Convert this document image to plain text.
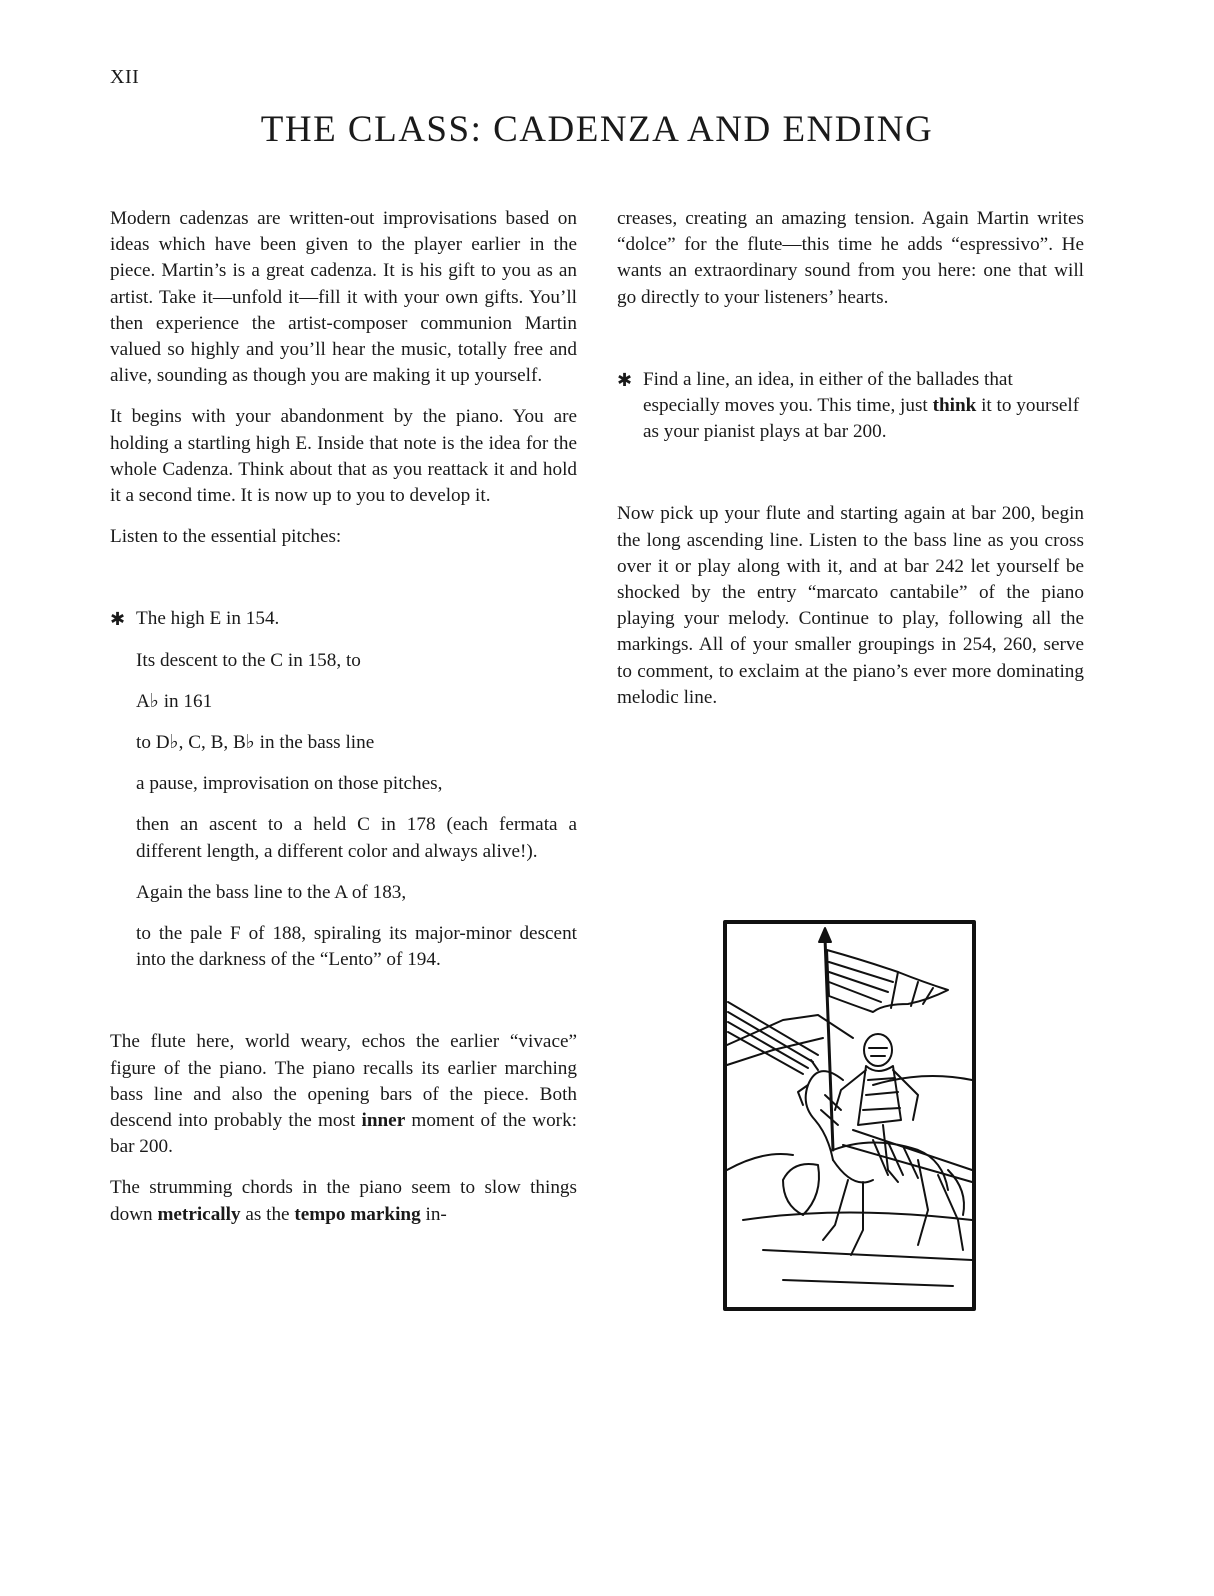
XII
THE CLASS: CADENZA AND ENDING

Modern cadenzas are written-out improvisations based on ideas which have been given to the player earlier in the piece. Martin’s is a great cadenza. It is his gift to you as an artist. Take it—unfold it—fill it with your own gifts. You’ll then experience the artist-composer communion Martin valued so highly and you’ll hear the music, totally free and alive, sounding as though you are making it up yourself.

It begins with your abandonment by the piano. You are holding a startling high E. Inside that note is the idea for the whole Cadenza. Think about that as you reattack it and hold it a second time. It is now up to you to develop it.

Listen to the essential pitches:

✱ The high E in 154.

Its descent to the C in 158, to

A♭ in 161

to D♭, C, B, B♭ in the bass line

a pause, improvisation on those pitches,

then an ascent to a held C in 178 (each fermata a different length, a different color and always alive!).

Again the bass line to the A of 183,

to the pale F of 188, spiraling its major-minor descent into the darkness of the “Lento” of 194.

The flute here, world weary, echos the earlier “vivace” figure of the piano. The piano recalls its earlier marching bass line and also the opening bars of the piece. Both descend into probably the most inner moment of the work: bar 200.

The strumming chords in the piano seem to slow things down metrically as the tempo marking in-

creases, creating an amazing tension. Again Martin writes “dolce” for the flute—this time he adds “espressivo”. He wants an extraordinary sound from you here: one that will go directly to your listeners’ hearts.

✱ Find a line, an idea, in either of the ballades that especially moves you. This time, just think it to yourself as your pianist plays at bar 200.

Now pick up your flute and starting again at bar 200, begin the long ascending line. Listen to the bass line as you cross over it or play along with it, and at bar 242 let yourself be shocked by the entry “marcato cantabile” of the piano playing your melody. Continue to play, following all the markings. All of your smaller groupings in 254, 260, serve to comment, to exclaim at the piano’s ever more dominating melodic line.
